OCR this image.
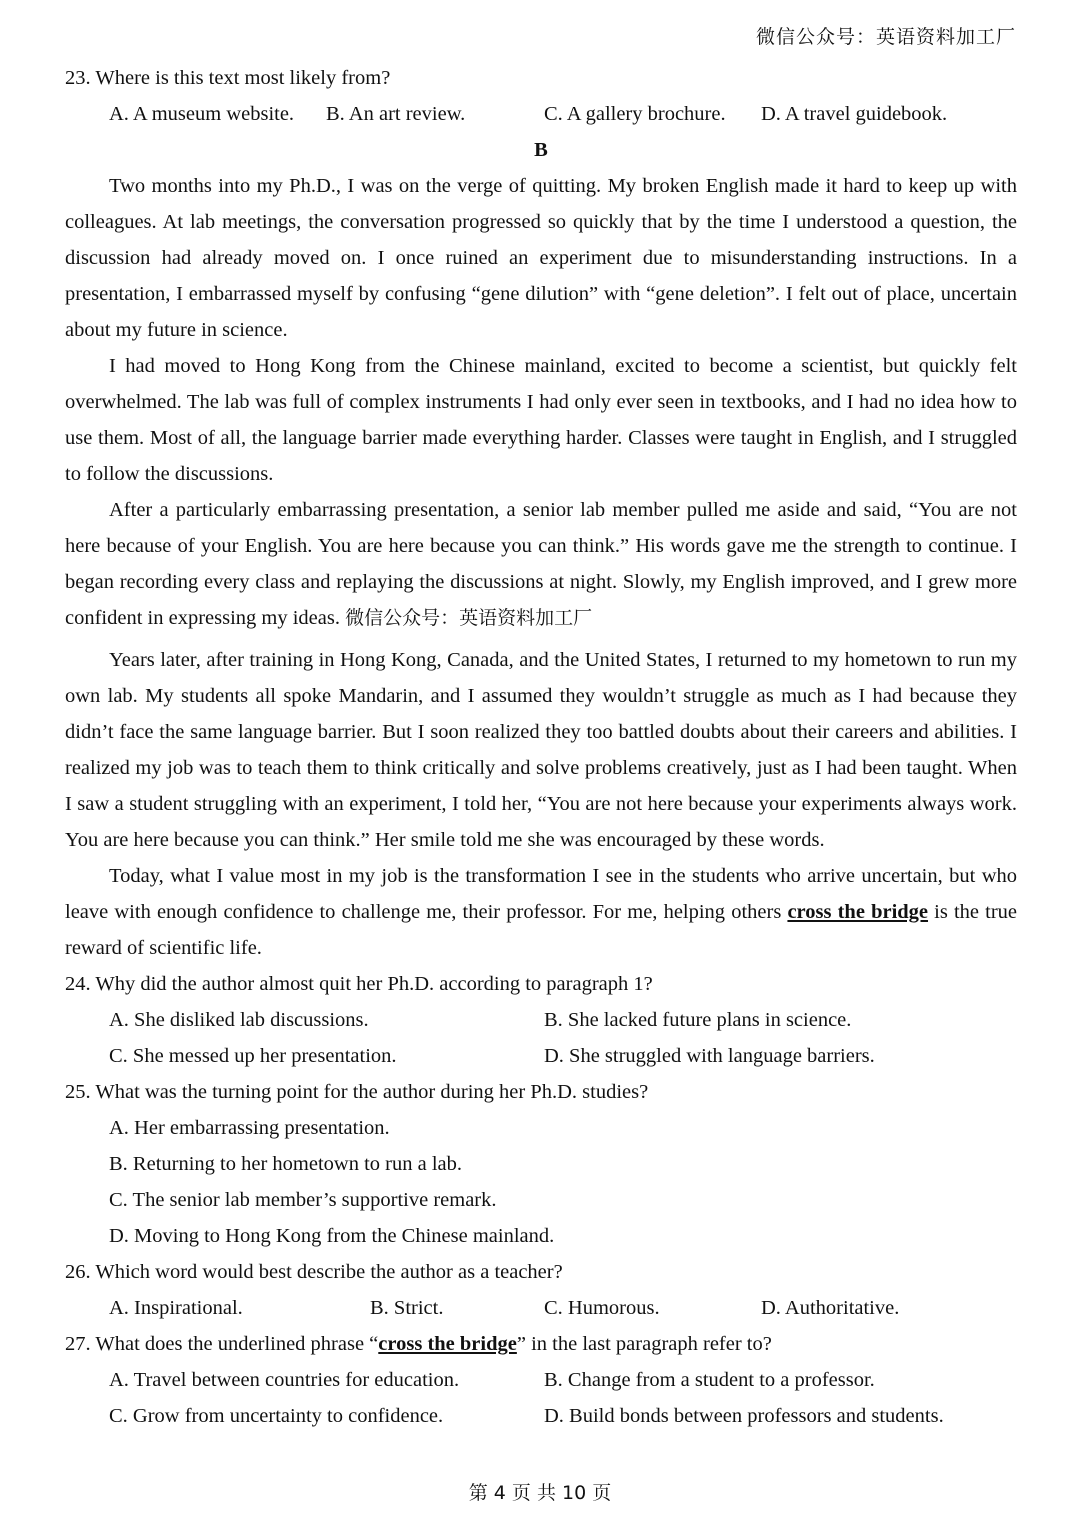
微信公众号：英语资料加工厂

23. Where is this text most likely from?

A. A museum website. B. An art review.	C. A gallery brochure. D. A travel guidebook.

B

Two months into my Ph.D., I was on the verge of quitting. My broken English made it hard to keep up with colleagues. At lab meetings, the conversation progressed so quickly that by the time I understood a question, the discussion had already moved on. I once ruined an experiment due to misunderstanding instructions. In a presentation, I embarrassed myself by confusing “gene dilution” with “gene deletion”. I felt out of place, uncertain about my future in science.

I had moved to Hong Kong from the Chinese mainland, excited to become a scientist, but quickly felt overwhelmed. The lab was full of complex instruments I had only ever seen in textbooks, and I had no idea how to use them. Most of all, the language barrier made everything harder. Classes were taught in English, and I struggled to follow the discussions.

After a particularly embarrassing presentation, a senior lab member pulled me aside and said, “You are not here because of your English. You are here because you can think.” His words gave me the strength to continue. I began recording every class and replaying the discussions at night. Slowly, my English improved, and I grew more confident in expressing my ideas. 微信公众号：英语资料加工厂

Years later, after training in Hong Kong, Canada, and the United States, I returned to my hometown to run my own lab. My students all spoke Mandarin, and I assumed they wouldn’t struggle as much as I had because they didn’t face the same language barrier. But I soon realized they too battled doubts about their careers and abilities. I realized my job was to teach them to think critically and solve problems creatively, just as I had been taught. When I saw a student struggling with an experiment, I told her, “You are not here because your experiments always work. You are here because you can think.” Her smile told me she was encouraged by these words.

Today, what I value most in my job is the transformation I see in the students who arrive uncertain, but who leave with enough confidence to challenge me, their professor. For me, helping others cross the bridge is the true reward of scientific life.

24. Why did the author almost quit her Ph.D. according to paragraph 1?

A. She disliked lab discussions.	B. She lacked future plans in science.
C. She messed up her presentation.	D. She struggled with language barriers.

25. What was the turning point for the author during her Ph.D. studies?

A. Her embarrassing presentation.

B. Returning to her hometown to run a lab.

C. The senior lab member’s supportive remark.

D. Moving to Hong Kong from the Chinese mainland.

26. Which word would best describe the author as a teacher?

A. Inspirational.	B. Strict.	C. Humorous.	D. Authoritative.

27. What does the underlined phrase “cross the bridge” in the last paragraph refer to?

A. Travel between countries for education.	B. Change from a student to a professor.
C. Grow from uncertainty to confidence.	D. Build bonds between professors and students.
第 4 页 共 10 页
